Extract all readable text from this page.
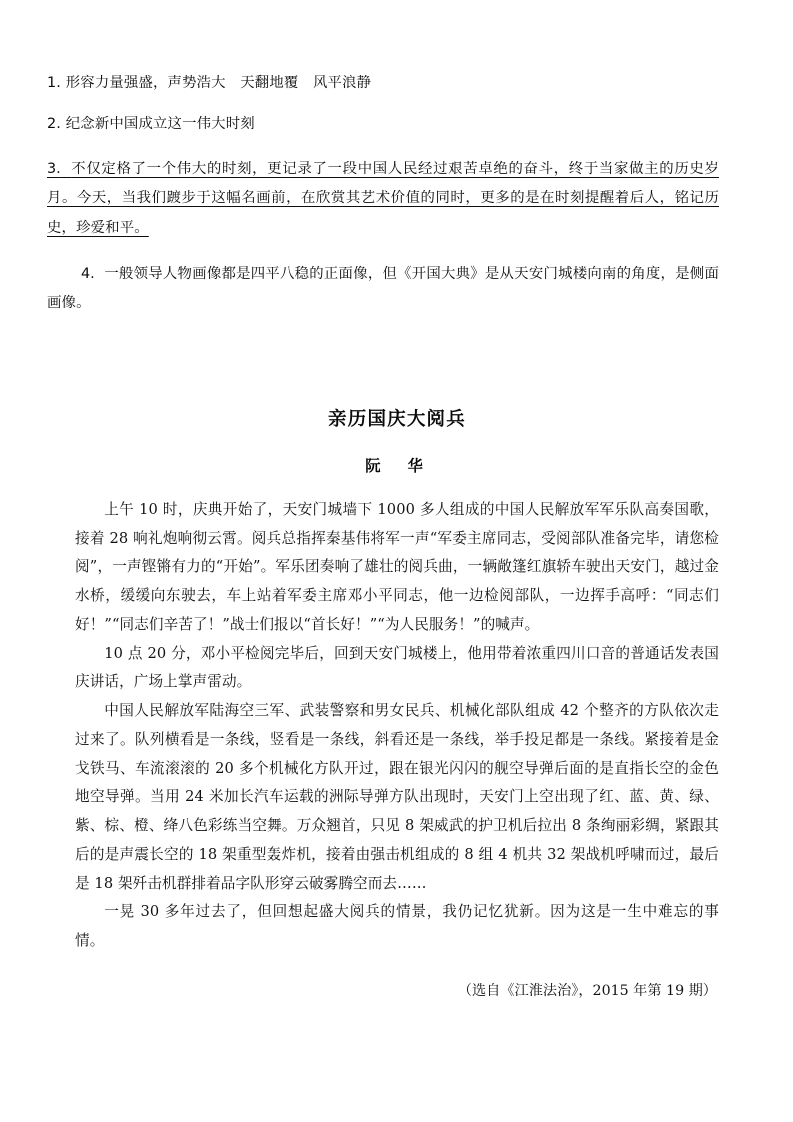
1. 形容力量强盛，声势浩大　天翻地覆　风平浪静

2. 纪念新中国成立这一伟大时刻

3. 不仅定格了一个伟大的时刻，更记录了一段中国人民经过艰苦卓绝的奋斗，终于当家做主的历史岁月。今天，当我们踱步于这幅名画前，在欣赏其艺术价值的同时，更多的是在时刻提醒着后人，铭记历史，珍爱和平。

4. 一般领导人物画像都是四平八稳的正面像，但《开国大典》是从天安门城楼向南的角度，是侧面画像。

亲历国庆大阅兵
阮　华

上午 10 时，庆典开始了，天安门城墙下 1000 多人组成的中国人民解放军军乐队高奏国歌，接着 28 响礼炮响彻云霄。阅兵总指挥秦基伟将军一声“军委主席同志，受阅部队准备完毕，请您检阅”，一声铿锵有力的“开始”。军乐团奏响了雄壮的阅兵曲，一辆敞篷红旗轿车驶出天安门，越过金水桥，缓缓向东驶去，车上站着军委主席邓小平同志，他一边检阅部队，一边挥手高呼：“同志们好！”“同志们辛苦了！”战士们报以“首长好！”“为人民服务！”的喊声。

10 点 20 分，邓小平检阅完毕后，回到天安门城楼上，他用带着浓重四川口音的普通话发表国庆讲话，广场上掌声雷动。

中国人民解放军陆海空三军、武装警察和男女民兵、机械化部队组成 42 个整齐的方队依次走过来了。队列横看是一条线，竖看是一条线，斜看还是一条线，举手投足都是一条线。紧接着是金戈铁马、车流滚滚的 20 多个机械化方队开过，跟在银光闪闪的舰空导弹后面的是直指长空的金色地空导弹。当用 24 米加长汽车运载的洲际导弹方队出现时，天安门上空出现了红、蓝、黄、绿、紫、棕、橙、绛八色彩练当空舞。万众翘首，只见 8 架威武的护卫机后拉出 8 条绚丽彩绸，紧跟其后的是声震长空的 18 架重型轰炸机，接着由强击机组成的 8 组 4 机共 32 架战机呼啸而过，最后是 18 架歼击机群排着品字队形穿云破雾腾空而去……

一晃 30 多年过去了，但回想起盛大阅兵的情景，我仍记忆犹新。因为这是一生中难忘的事情。

（选自《江淮法治》，2015 年第 19 期）
